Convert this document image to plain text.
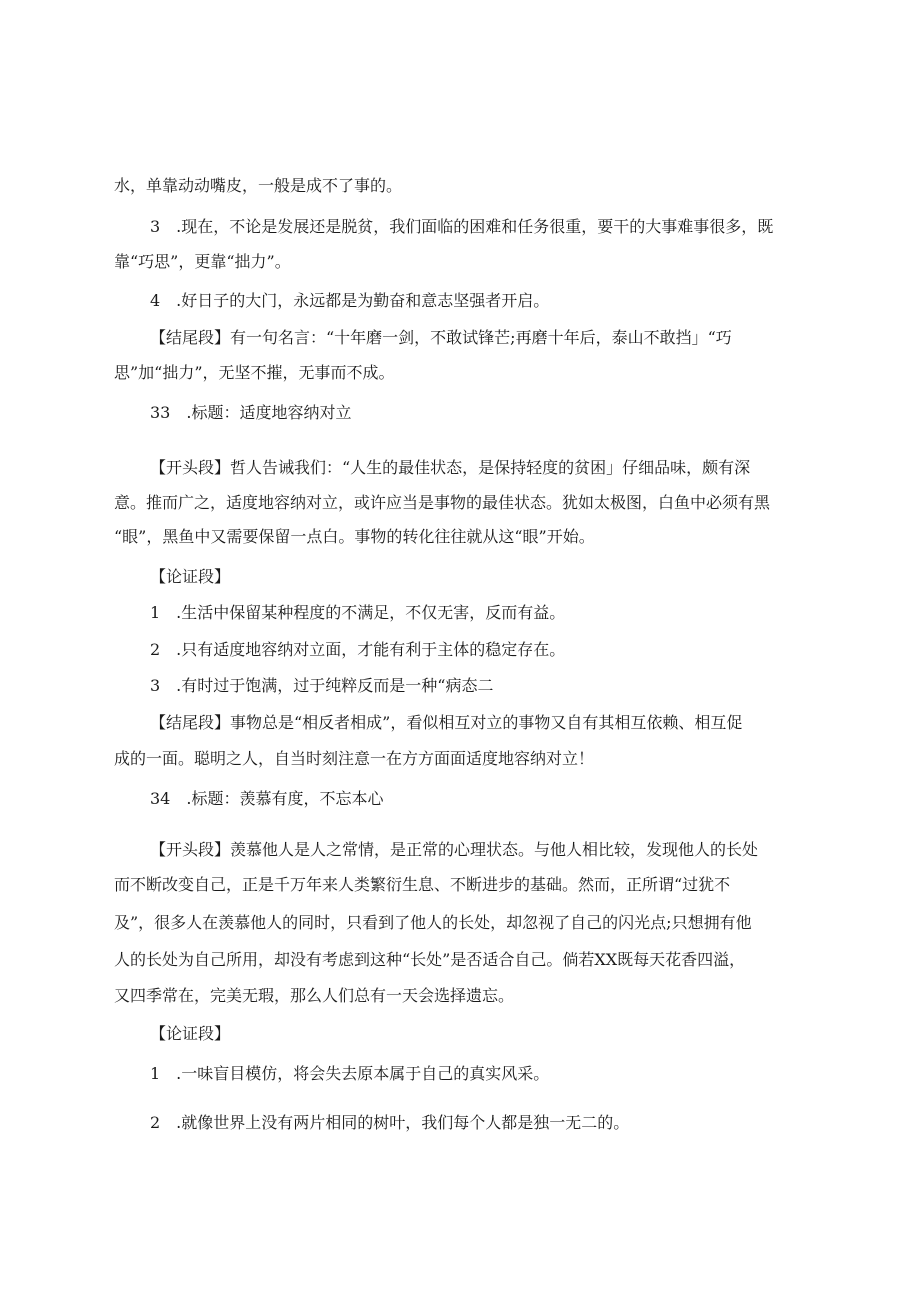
水，单靠动动嘴皮，一般是成不了事的。
3　.现在，不论是发展还是脱贫，我们面临的困难和任务很重，要干的大事难事很多，既
靠“巧思”，更靠“拙力”。
4　.好日子的大门，永远都是为勤奋和意志坚强者开启。
【结尾段】有一句名言：“十年磨一剑，不敢试锋芒;再磨十年后，泰山不敢挡」“巧
思”加“拙力”，无坚不摧，无事而不成。
33　.标题：适度地容纳对立
【开头段】哲人告诫我们：“人生的最佳状态，是保持轻度的贫困」仔细品味，颇有深
意。推而广之，适度地容纳对立，或许应当是事物的最佳状态。犹如太极图，白鱼中必须有黑
“眼”，黑鱼中又需要保留一点白。事物的转化往往就从这“眼”开始。
【论证段】
1　.生活中保留某种程度的不满足，不仅无害，反而有益。
2　.只有适度地容纳对立面，才能有利于主体的稳定存在。
3　.有时过于饱满，过于纯粹反而是一种“病态二
【结尾段】事物总是“相反者相成”，看似相互对立的事物又自有其相互依赖、相互促
成的一面。聪明之人，自当时刻注意一在方方面面适度地容纳对立！
34　.标题：羡慕有度，不忘本心
【开头段】羡慕他人是人之常情，是正常的心理状态。与他人相比较，发现他人的长处
而不断改变自己，正是千万年来人类繁衍生息、不断进步的基础。然而，正所谓“过犹不
及”，很多人在羡慕他人的同时，只看到了他人的长处，却忽视了自己的闪光点;只想拥有他
人的长处为自己所用，却没有考虑到这种“长处”是否适合自己。倘若XX既每天花香四溢，
又四季常在，完美无瑕，那么人们总有一天会选择遗忘。
【论证段】
1　.一味盲目模仿，将会失去原本属于自己的真实风采。
2　.就像世界上没有两片相同的树叶，我们每个人都是独一无二的。
